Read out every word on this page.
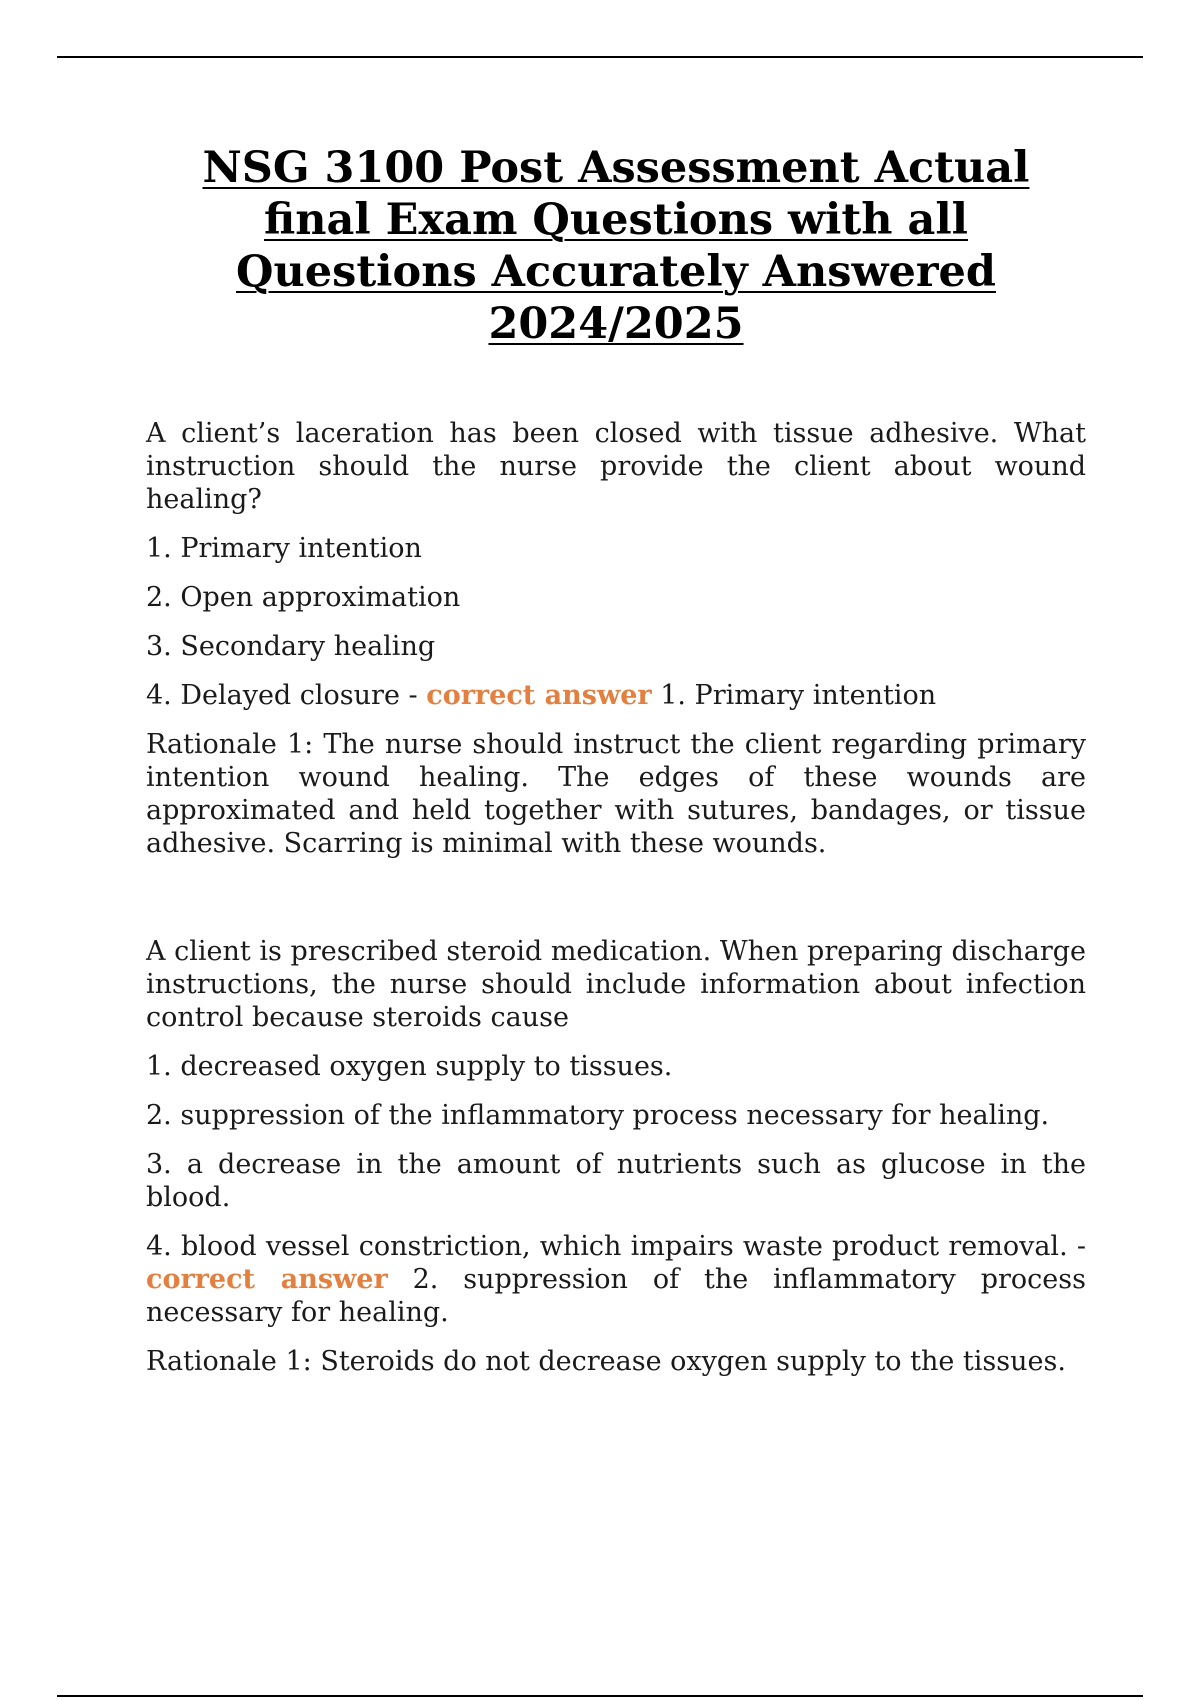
NSG 3100 Post Assessment Actual final Exam Questions with all Questions Accurately Answered 2024/2025

A client’s laceration has been closed with tissue adhesive. What instruction should the nurse provide the client about wound healing?

1. Primary intention

2. Open approximation

3. Secondary healing

4. Delayed closure - correct answer 1. Primary intention

Rationale 1: The nurse should instruct the client regarding primary intention wound healing. The edges of these wounds are approximated and held together with sutures, bandages, or tissue adhesive. Scarring is minimal with these wounds.

A client is prescribed steroid medication. When preparing discharge instructions, the nurse should include information about infection control because steroids cause

1. decreased oxygen supply to tissues.

2. suppression of the inflammatory process necessary for healing.

3. a decrease in the amount of nutrients such as glucose in the blood.

4. blood vessel constriction, which impairs waste product removal. - correct answer 2. suppression of the inflammatory process necessary for healing.

Rationale 1: Steroids do not decrease oxygen supply to the tissues.
